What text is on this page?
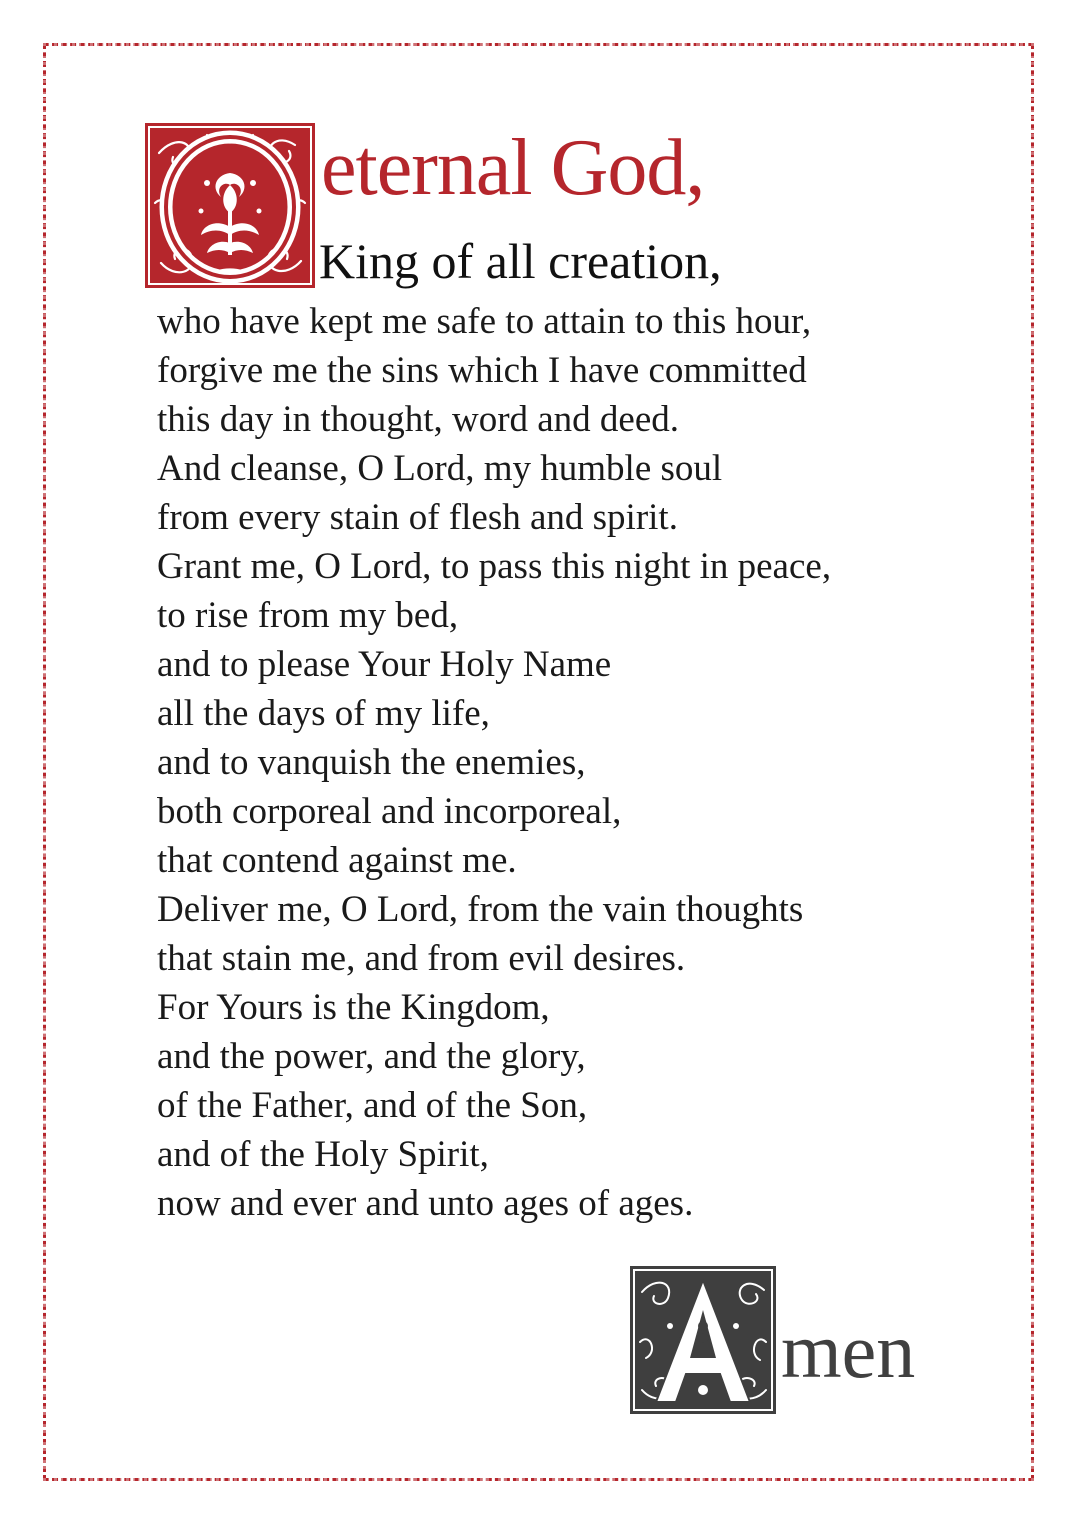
eternal God,
King of all creation,
who have kept me safe to attain to this hour,
forgive me the sins which I have committed
this day in thought, word and deed.
And cleanse, O Lord, my humble soul
from every stain of flesh and spirit.
Grant me, O Lord, to pass this night in peace,
to rise from my bed,
and to please Your Holy Name
all the days of my life,
and to vanquish the enemies,
both corporeal and incorporeal,
that contend against me.
Deliver me, O Lord, from the vain thoughts
that stain me, and from evil desires.
For Yours is the Kingdom,
and the power, and the glory,
of the Father, and of the Son,
and of the Holy Spirit,
now and ever and unto ages of ages.
men
